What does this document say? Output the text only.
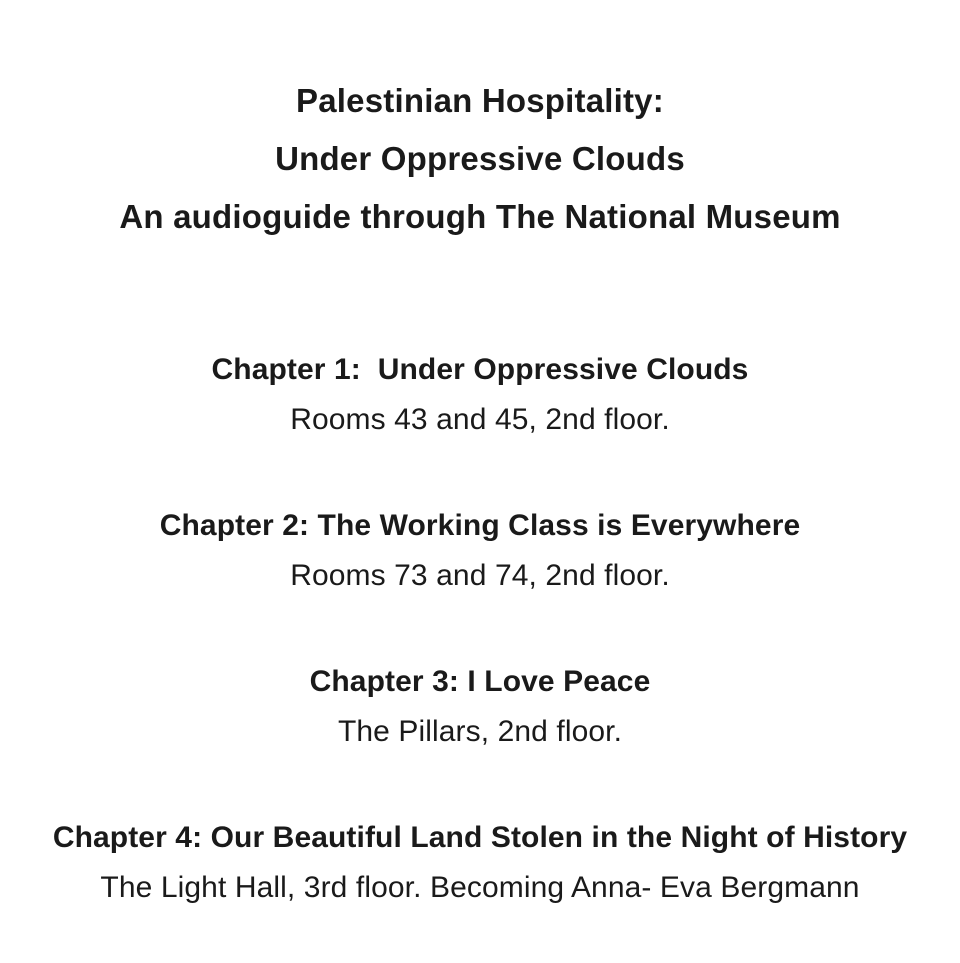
Palestinian Hospitality:
Under Oppressive Clouds
An audioguide through The National Museum
Chapter 1:  Under Oppressive Clouds
Rooms 43 and 45, 2nd floor.
Chapter 2: The Working Class is Everywhere
Rooms 73 and 74, 2nd floor.
Chapter 3: I Love Peace
The Pillars, 2nd floor.
Chapter 4: Our Beautiful Land Stolen in the Night of History
The Light Hall, 3rd floor. Becoming Anna- Eva Bergmann
